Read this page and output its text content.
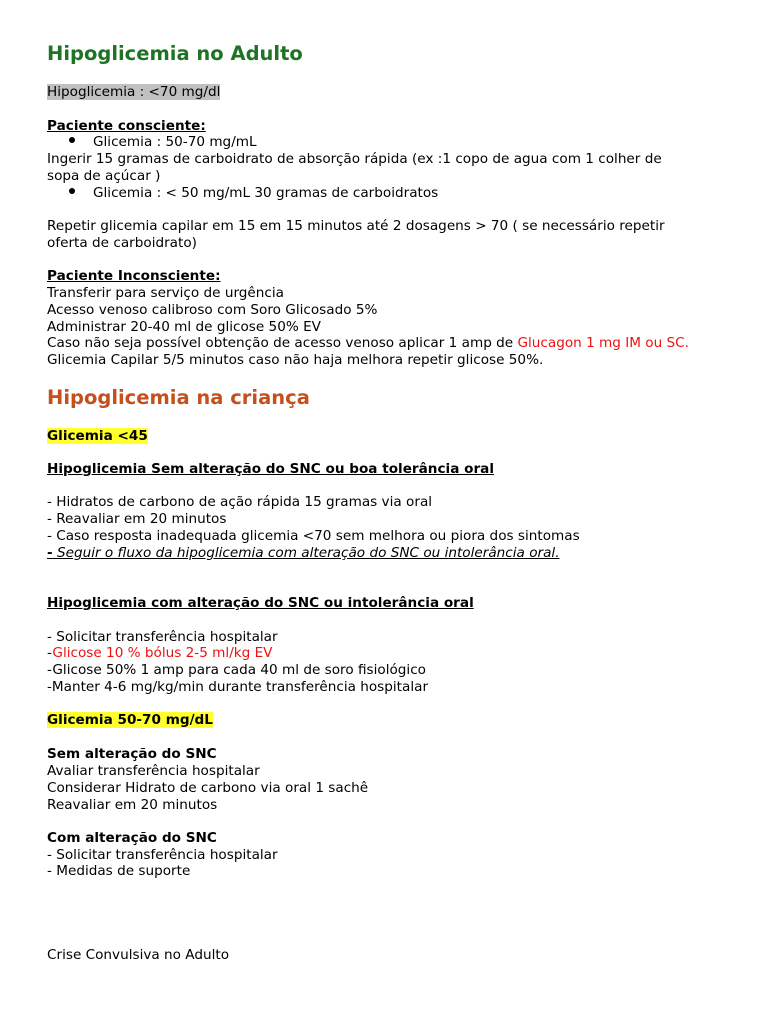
Hipoglicemia no Adulto
Hipoglicemia : <70 mg/dl
Paciente consciente:
Glicemia : 50-70 mg/mL
Ingerir 15 gramas de carboidrato de absorção rápida (ex :1 copo de agua com 1 colher de
sopa de açúcar )
Glicemia : < 50 mg/mL 30 gramas de carboidratos
Repetir glicemia capilar em 15 em 15 minutos até 2 dosagens > 70 ( se necessário repetir
oferta de carboidrato)
Paciente Inconsciente:
Transferir para serviço de urgência
Acesso venoso calibroso com Soro Glicosado 5%
Administrar 20-40 ml de glicose 50% EV
Caso não seja possível obtenção de acesso venoso aplicar 1 amp de Glucagon 1 mg IM ou SC.
Glicemia Capilar 5/5 minutos caso não haja melhora repetir glicose 50%.
Hipoglicemia na criança
Glicemia <45
Hipoglicemia Sem alteração do SNC ou boa tolerância oral
- Hidratos de carbono de ação rápida 15 gramas via oral
- Reavaliar em 20 minutos
- Caso resposta inadequada glicemia <70 sem melhora ou piora dos sintomas
- Seguir o fluxo da hipoglicemia com alteração do SNC ou intolerância oral.
Hipoglicemia com alteração do SNC ou intolerância oral
- Solicitar transferência hospitalar
-Glicose 10 % bólus 2-5 ml/kg EV
-Glicose 50% 1 amp para cada 40 ml de soro fisiológico
-Manter 4-6 mg/kg/min durante transferência hospitalar
Glicemia 50-70 mg/dL
Sem alteração do SNC
Avaliar transferência hospitalar
Considerar Hidrato de carbono via oral 1 sachê
Reavaliar em 20 minutos
Com alteração do SNC
- Solicitar transferência hospitalar
- Medidas de suporte
Crise Convulsiva no Adulto
